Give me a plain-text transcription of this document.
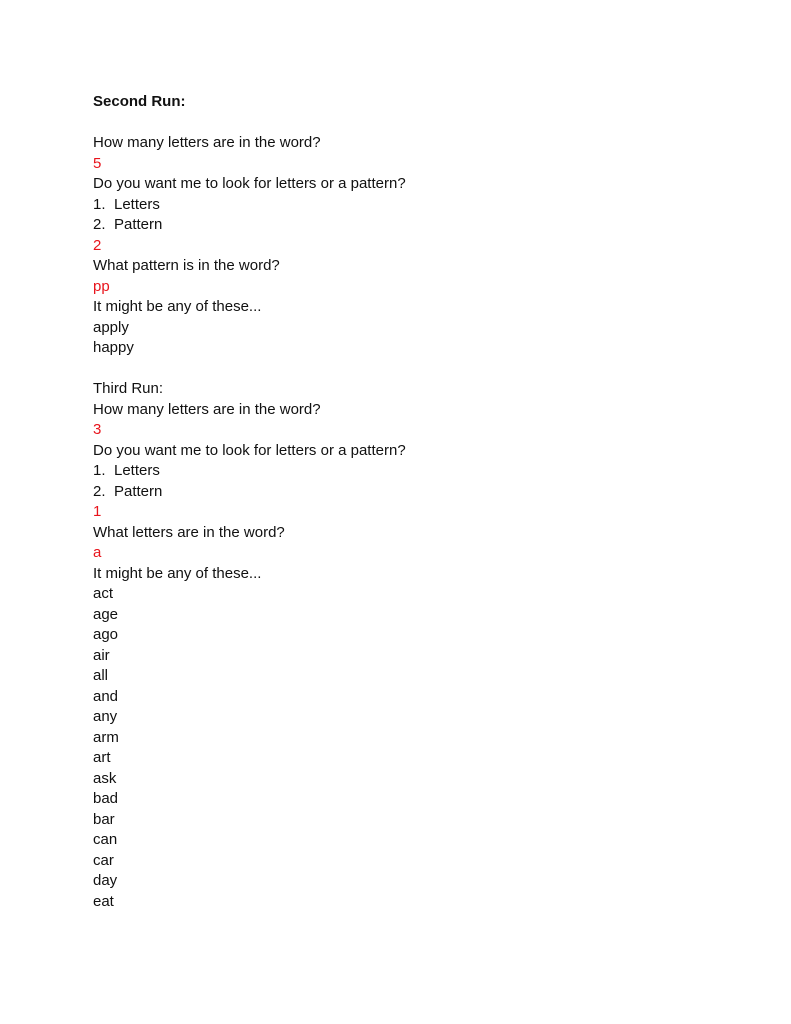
Second Run:
How many letters are in the word?
5
Do you want me to look for letters or a pattern?
1. Letters
2. Pattern
2
What pattern is in the word?
pp
It might be any of these...
apply
happy
Third Run:
How many letters are in the word?
3
Do you want me to look for letters or a pattern?
1. Letters
2. Pattern
1
What letters are in the word?
a
It might be any of these...
act
age
ago
air
all
and
any
arm
art
ask
bad
bar
can
car
day
eat
